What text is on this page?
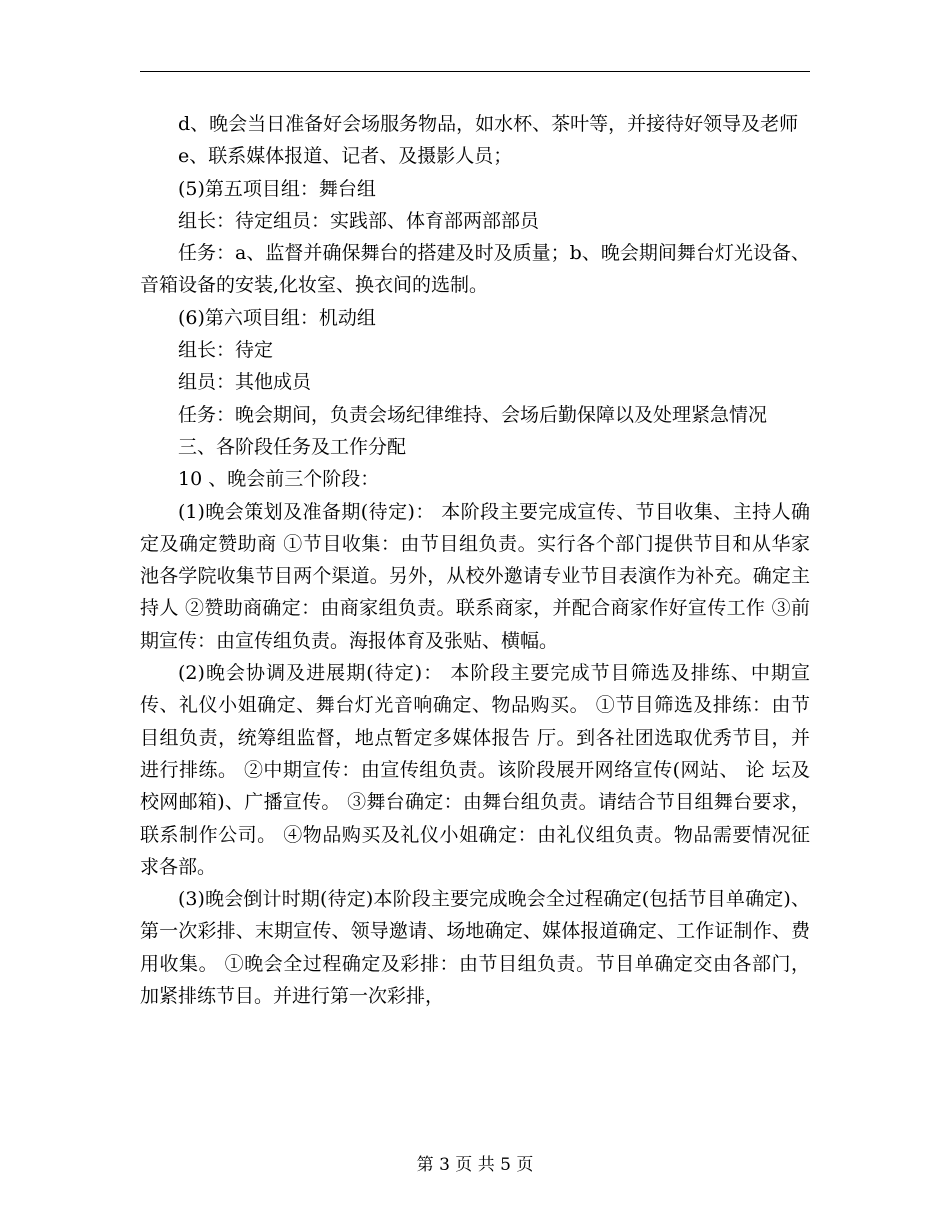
d、晚会当日准备好会场服务物品，如水杯、茶叶等，并接待好领导及老师

e、联系媒体报道、记者、及摄影人员；

(5)第五项目组：舞台组

组长：待定组员：实践部、体育部两部部员

任务：a、监督并确保舞台的搭建及时及质量；b、晚会期间舞台灯光设备、音箱设备的安装,化妆室、换衣间的选制。

(6)第六项目组：机动组

组长：待定

组员：其他成员

任务：晚会期间，负责会场纪律维持、会场后勤保障以及处理紧急情况

三、各阶段任务及工作分配

10 、晚会前三个阶段：

(1)晚会策划及准备期(待定)： 本阶段主要完成宣传、节目收集、主持人确定及确定赞助商 ①节目收集：由节目组负责。实行各个部门提供节目和从华家池各学院收集节目两个渠道。另外，从校外邀请专业节目表演作为补充。确定主持人 ②赞助商确定：由商家组负责。联系商家，并配合商家作好宣传工作 ③前期宣传：由宣传组负责。海报体育及张贴、横幅。

(2)晚会协调及进展期(待定)： 本阶段主要完成节目筛选及排练、中期宣传、礼仪小姐确定、舞台灯光音响确定、物品购买。 ①节目筛选及排练：由节目组负责，统筹组监督，地点暂定多媒体报告 厅。到各社团选取优秀节目，并进行排练。 ②中期宣传：由宣传组负责。该阶段展开网络宣传(网站、 论 坛及校网邮箱)、广播宣传。 ③舞台确定：由舞台组负责。请结合节目组舞台要求，联系制作公司。 ④物品购买及礼仪小姐确定：由礼仪组负责。物品需要情况征求各部。

(3)晚会倒计时期(待定)本阶段主要完成晚会全过程确定(包括节目单确定)、第一次彩排、末期宣传、领导邀请、场地确定、媒体报道确定、工作证制作、费用收集。 ①晚会全过程确定及彩排：由节目组负责。节目单确定交由各部门，加紧排练节目。并进行第一次彩排，

第 3 页 共 5 页
